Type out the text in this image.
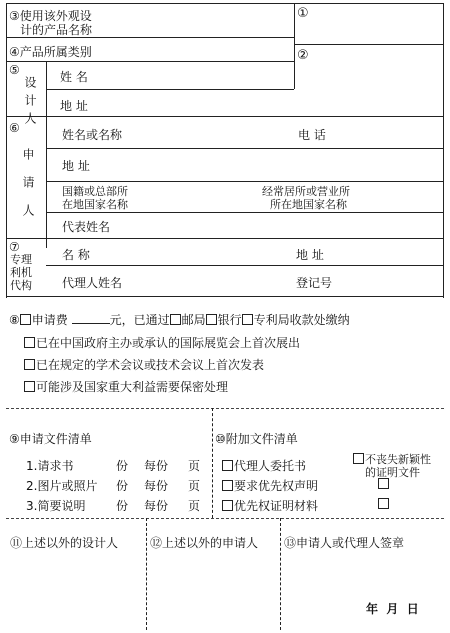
③使用该外观设
计的产品名称
①
②
④产品所属类别
⑤
设计人 姓 名
地 址
⑥
申请人
姓名或名称	电 话
地 址
国籍或总部所
在地国家名称
经常居所或营业所
所在地国家名称
代表姓名
⑦
专理
利机
代构
名 称	地 址
代理人姓名	登记号
⑧ 申请费	元，已通过 邮局 银行 专利局收款处缴纳
已在中国政府主办或承认的国际展览会上首次展出
已在规定的学术会议或技术会议上首次发表
可能涉及国家重大利益需要保密处理
⑨申请文件清单
1.请求书	份 每份 页
2.图片或照片 份 每份 页
3.简要说明	份 每份 页
⑩附加文件清单
代理人委托书
要求优先权声明
优先权证明材料
不丧失新颖性
的证明文件
⑪上述以外的设计人	⑫上述以外的申请人 ⑬申请人或代理人签章
年  月  日
